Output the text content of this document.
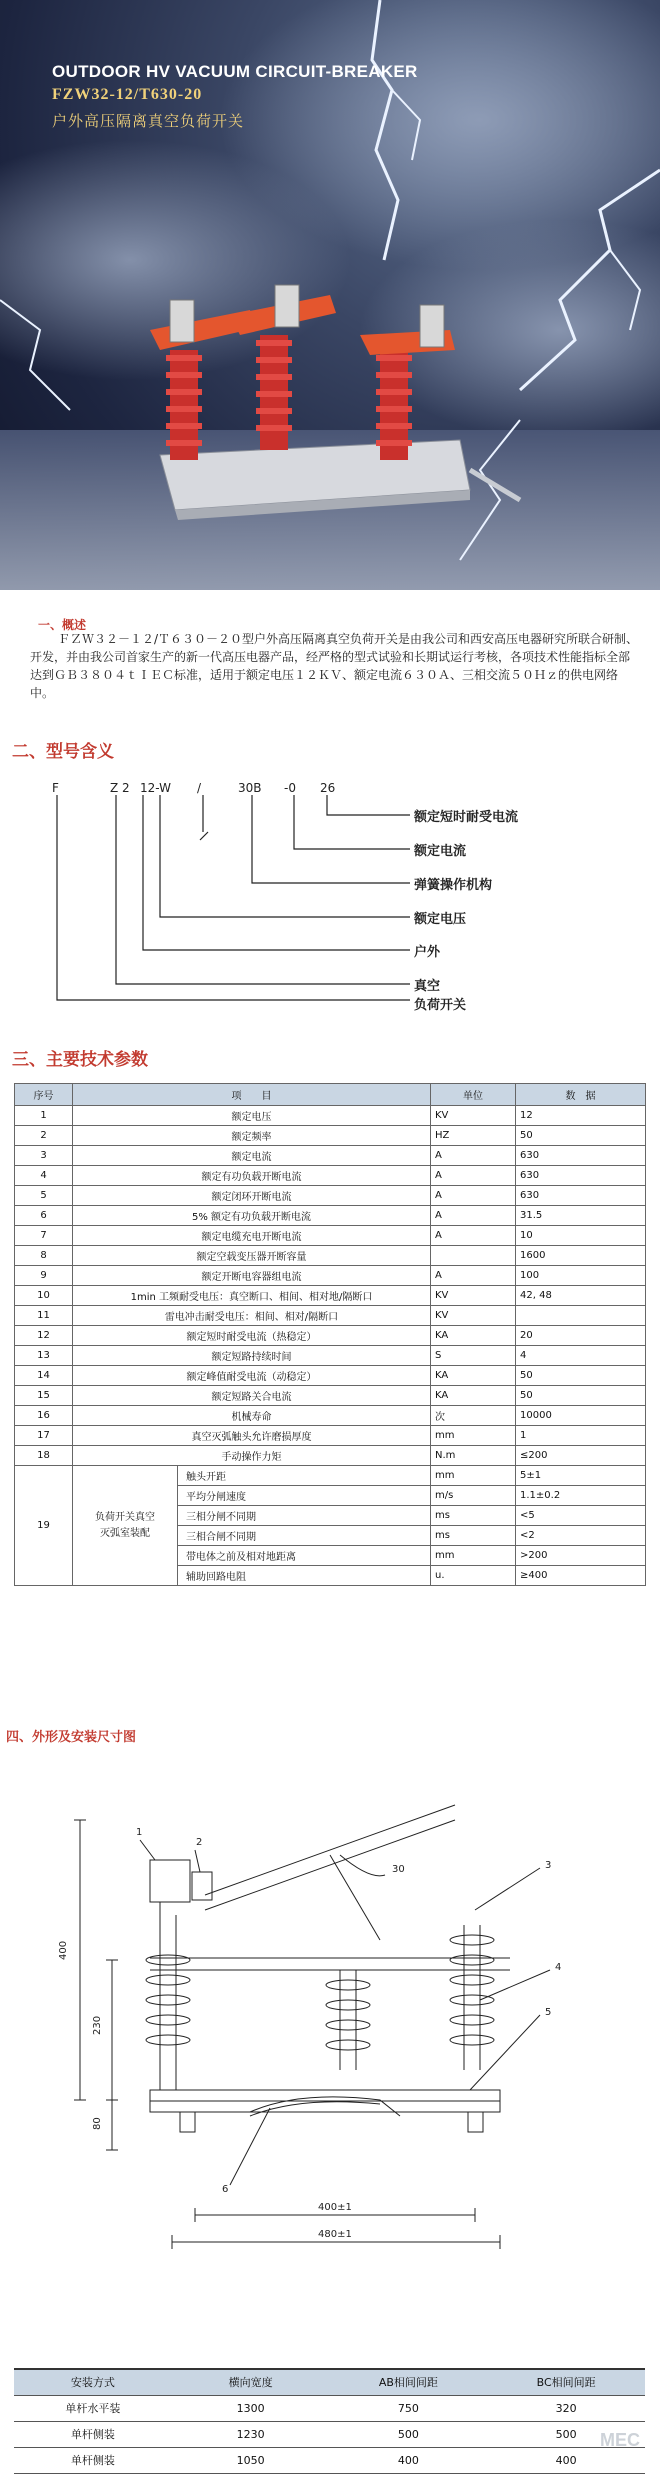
OUTDOOR HV VACUUM CIRCUIT-BREAKER
FZW32-12/T630-20
户外高压隔离真空负荷开关
一、概述

ＦＺＷ３２－１２/Ｔ６３０－２０型户外高压隔离真空负荷开关是由我公司和西安高压电器研究所联合研制、开发，并由我公司首家生产的新一代高压电器产品，经严格的型式试验和长期试运行考核，各项技术性能指标全部达到ＧＢ３８０４ｔＩＥＣ标准，适用于额定电压１２ＫＶ、额定电流６３０Ａ、三相交流５０Ｈｚ的供电网络中。

二、型号含义
F	Z 2 12-W /	30B -0 26
额定短时耐受电流
额定电流
弹簧操作机构
额定电压
户外
真空
负荷开关
三、主要技术参数
序号	项　　目		单位	数　据
1	额定电压		KV	12
2	额定频率		HZ	50
3	额定电流		A	630
4	额定有功负载开断电流		A	630
5	额定闭环开断电流		A	630
6	5% 额定有功负载开断电流		A	31.5
7	额定电缆充电开断电流		A	10
8	额定空载变压器开断容量			1600
9	额定开断电容器组电流		A	100
10	1min 工频耐受电压：真空断口、相间、相对地/隔断口		KV	42, 48
11	雷电冲击耐受电压：相间、相对/隔断口		KV	
12	额定短时耐受电流（热稳定）		KA	20
13	额定短路持续时间		S	4
14	额定峰值耐受电流（动稳定）		KA	50
15	额定短路关合电流		KA	50
16	机械寿命		次	10000
17	真空灭弧触头允许磨损厚度		mm	1
18	手动操作力矩		N.m	≤200
19	负荷开关真空
灭弧室装配	触头开距	mm	5±1
		平均分闸速度	m/s	1.1±0.2
		三相分闸不同期	ms	<5
		三相合闸不同期	ms	<2
		带电体之前及相对地距离	mm	>200
		辅助回路电阻	u.	≥400
四、外形及安装尺寸图
1
2
3
4
5
6
400
230
80
30
400±1
480±1
安装方式	横向宽度	AB相间间距	BC相间间距
单杆水平装	1300	750	320
单杆侧装	1230	500	500
单杆侧装	1050	400	400
MEC
